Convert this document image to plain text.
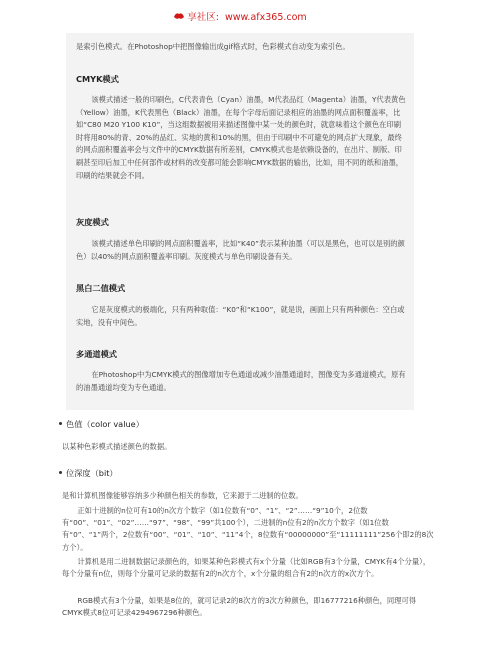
享社区: www.afx365.com

是索引色模式。在Photoshop中把图像输出成gif格式时，色彩模式自动变为索引色。

CMYK模式

该模式描述一般的印刷色，C代表青色（Cyan）油墨，M代表品红（Magenta）油墨，Y代表黄色（Yellow）油墨，K代表黑色（Black）油墨，在每个字母后面记录相应的油墨的网点面积覆盖率，比如“C80 M20 Y100 K10”，当这组数据被用来描述图像中某一处的颜色时，就意味着这个颜色在印刷时将用80%的青、20%的品红、实地的黄和10%的黑，但由于印刷中不可避免的网点扩大现象，最终的网点面积覆盖率会与文件中的CMYK数据有所差别，CMYK模式也是依赖设备的，在出片、制版、印刷甚至印后加工中任何部件或材料的改变都可能会影响CMYK数据的输出，比如，用不同的纸和油墨，印刷的结果就会不同。

灰度模式

该模式描述单色印刷的网点面积覆盖率，比如“K40”表示某种油墨（可以是黑色，也可以是别的颜色）以40%的网点面积覆盖率印刷。灰度模式与单色印刷设备有关。

黑白二值模式

它是灰度模式的极端化，只有两种取值：“K0”和“K100”，就是说，画面上只有两种颜色：空白或实地，没有中间色。

多通道模式

在Photoshop中为CMYK模式的图像增加专色通道或减少油墨通道时，图像变为多通道模式，原有的油墨通道均变为专色通道。

色值（color value）

以某种色彩模式描述颜色的数据。

位深度（bit）

是和计算机图像能够容纳多少种颜色相关的参数，它来源于二进制的位数。

正如十进制的n位可有10的n次方个数字（如1位数有“0”、“1”、“2”……“9”10个，2位数有“00”、“01”、“02”……“97”、“98”、“99”共100个），二进制的n位有2的n次方个数字（如1位数有“0”、“1”两个，2位数有“00”、“01”、“10”、“11”4个，8位数有“00000000”至“11111111”256个即2的8次方个）。

计算机是用二进制数据记录颜色的，如果某种色彩模式有x个分量（比如RGB有3个分量，CMYK有4个分量），每个分量有n位，则每个分量可记录的数据有2的n次方个，x个分量的组合有2的n次方的x次方个。

RGB模式有3个分量，如果是8位的，就可记录2的8次方的3次方种颜色，即16777216种颜色，同理可得CMYK模式8位可记录4294967296种颜色。
